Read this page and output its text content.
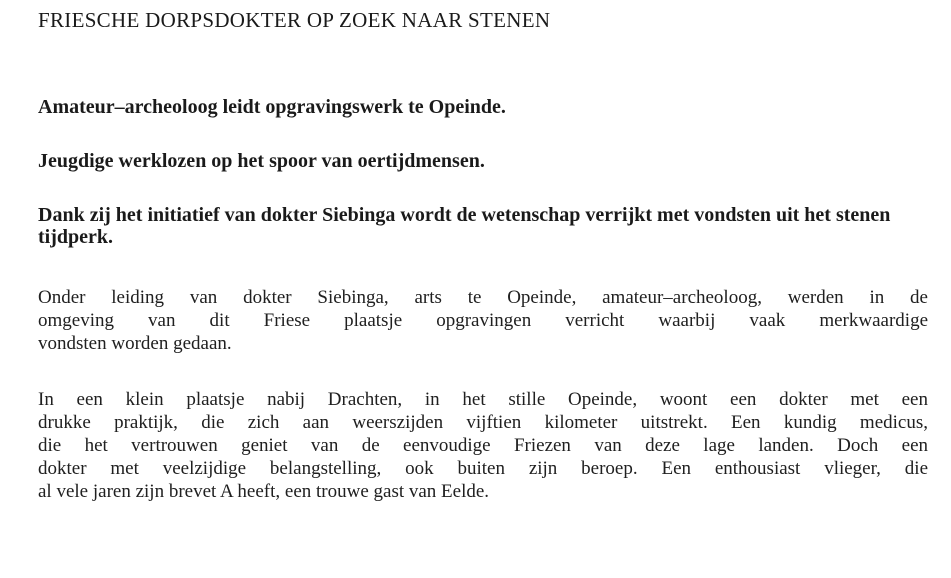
FRIESCHE DORPSDOKTER OP ZOEK NAAR STENEN
Amateur–archeoloog leidt opgravingswerk te Opeinde.
Jeugdige werklozen op het spoor van oertijdmensen.
Dank zij het initiatief van dokter Siebinga wordt de wetenschap verrijkt met vondsten uit het stenen tijdperk.
Onder leiding van dokter Siebinga, arts te Opeinde, amateur–archeoloog, werden in de
omgeving van dit Friese plaatsje opgravingen verricht waarbij vaak merkwaardige
vondsten worden gedaan.
In een klein plaatsje nabij Drachten, in het stille Opeinde, woont een dokter met een
drukke praktijk, die zich aan weerszijden vijftien kilometer uitstrekt. Een kundig medicus,
die het vertrouwen geniet van de eenvoudige Friezen van deze lage landen. Doch een
dokter met veelzijdige belangstelling, ook buiten zijn beroep. Een enthousiast vlieger, die
al vele jaren zijn brevet A heeft, een trouwe gast van Eelde.
